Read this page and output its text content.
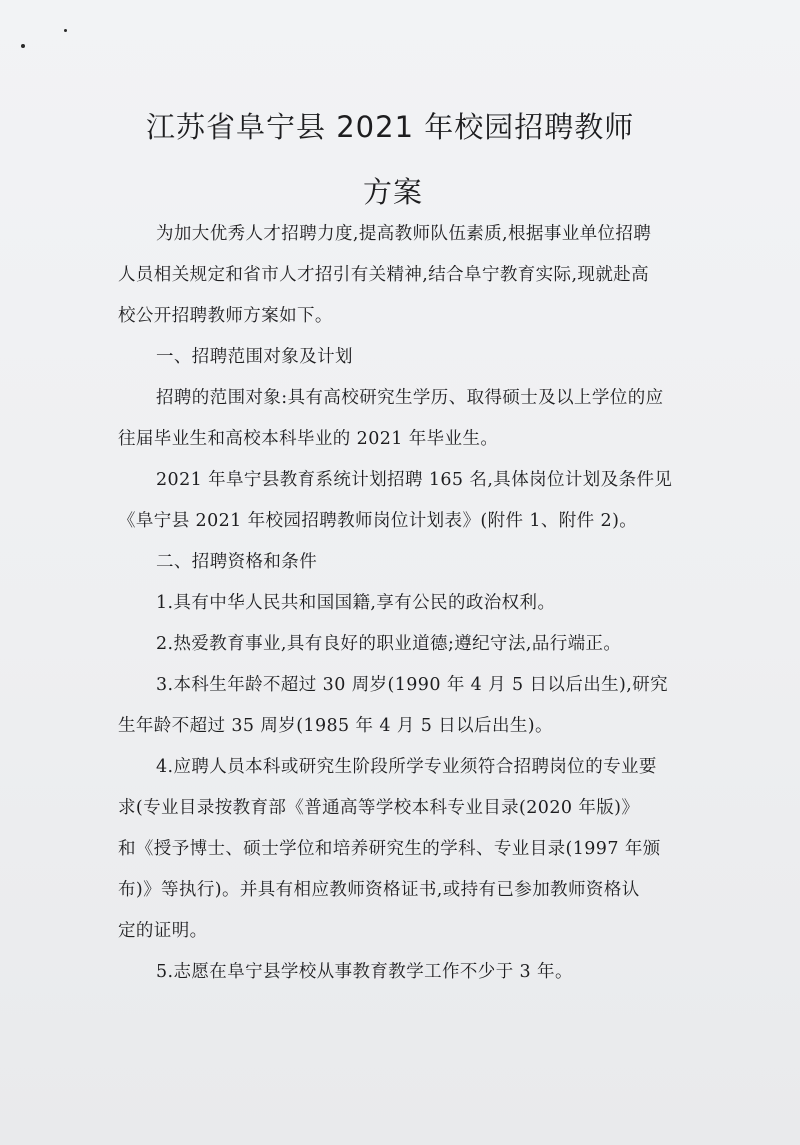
江苏省阜宁县 2021 年校园招聘教师
方案
为加大优秀人才招聘力度,提高教师队伍素质,根据事业单位招聘
人员相关规定和省市人才招引有关精神,结合阜宁教育实际,现就赴高
校公开招聘教师方案如下。
一、招聘范围对象及计划
招聘的范围对象:具有高校研究生学历、取得硕士及以上学位的应
往届毕业生和高校本科毕业的 2021 年毕业生。
2021 年阜宁县教育系统计划招聘 165 名,具体岗位计划及条件见
《阜宁县 2021 年校园招聘教师岗位计划表》(附件 1、附件 2)。
二、招聘资格和条件
1.具有中华人民共和国国籍,享有公民的政治权利。
2.热爱教育事业,具有良好的职业道德;遵纪守法,品行端正。
3.本科生年龄不超过 30 周岁(1990 年 4 月 5 日以后出生),研究
生年龄不超过 35 周岁(1985 年 4 月 5 日以后出生)。
4.应聘人员本科或研究生阶段所学专业须符合招聘岗位的专业要
求(专业目录按教育部《普通高等学校本科专业目录(2020 年版)》
和《授予博士、硕士学位和培养研究生的学科、专业目录(1997 年颁
布)》等执行)。并具有相应教师资格证书,或持有已参加教师资格认
定的证明。
5.志愿在阜宁县学校从事教育教学工作不少于 3 年。
